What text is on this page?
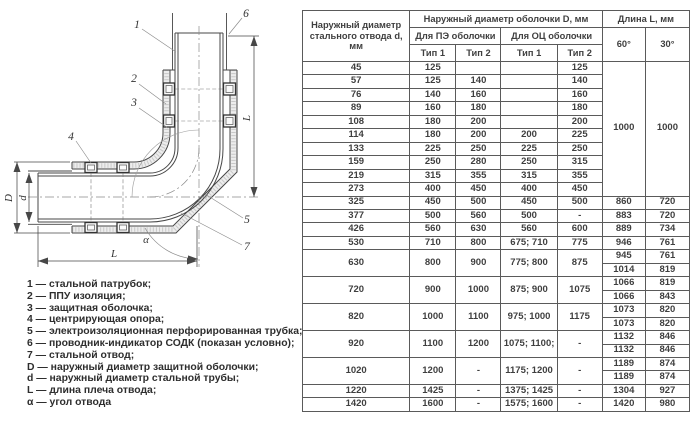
L
L
D d
α
1
2
3
4
5
6
7
1 — стальной патрубок;
2 — ППУ изоляция;
3 — защитная оболочка;
4 — центрирующая опора;
5 — электроизоляционная перфорированная трубка;
6 — проводник-индикатор СОДК (показан условно);
7 — стальной отвод;
D — наружный диаметр защитной оболочки;
d — наружный диаметр стальной трубы;
L — длина плеча отвода;
α — угол отвода
Наружный диаметр стального отвода d, мм	Наружный диаметр оболочки D, мм				Длина L, мм	
	Для ПЭ оболочки		Для ОЦ оболочки		60°	30°
	Тип 1	Тип 2	Тип 1	Тип 2		
45	125			125	1000	1000
57	125	140		140		
76	140	160		160		
89	160	180		180		
108	180	200		200		
114	180	200	200	225		
133	225	250	225	250		
159	250	280	250	315		
219	315	355	315	355		
273	400	450	400	450		
325	450	500	450	500	860	720
377	500	560	500	-	883	720
426	560	630	560	600	889	734
530	710	800	675; 710	775	946	761
630	800	900	775; 800	875	945	761
					1014	819
720	900	1000	875; 900	1075	1066	819
					1066	843
820	1000	1100	975; 1000	1175	1073	820
					1073	820
920	1100	1200	1075; 1100;	-	1132	846
					1132	846
1020	1200	-	1175; 1200	-	1189	874
					1189	874
1220	1425	-	1375; 1425	-	1304	927
1420	1600	-	1575; 1600	-	1420	980
